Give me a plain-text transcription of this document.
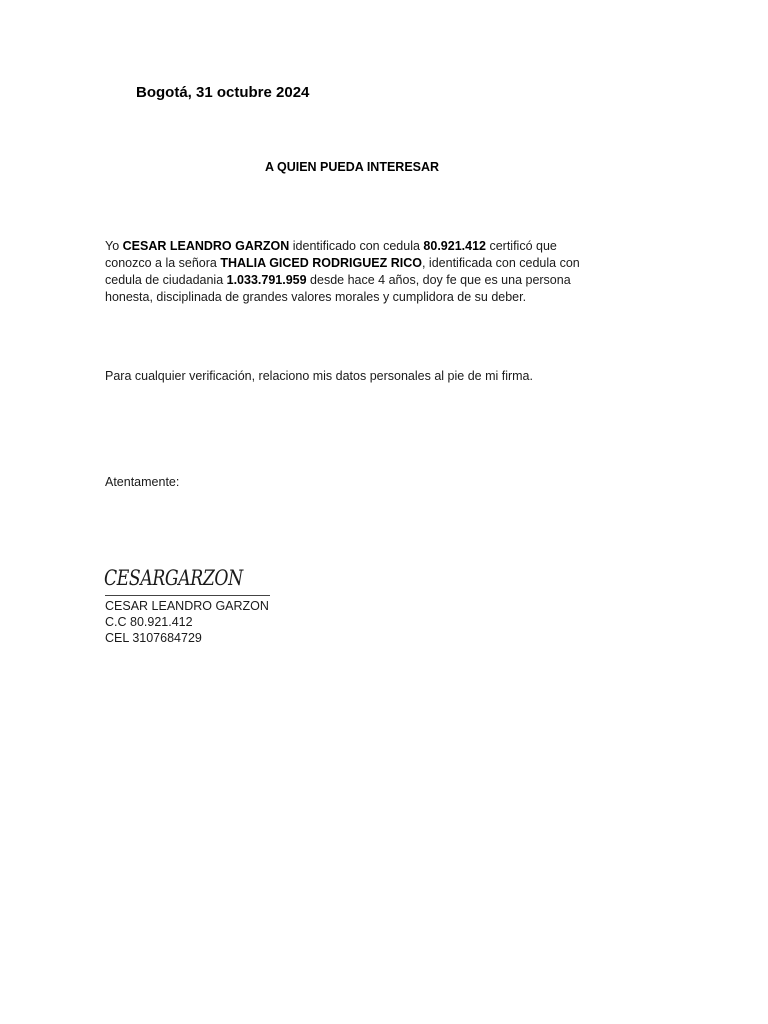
Bogotá, 31 octubre 2024
A QUIEN PUEDA INTERESAR
Yo CESAR LEANDRO GARZON identificado con cedula 80.921.412 certificó que conozco a la señora THALIA GICED RODRIGUEZ RICO, identificada con cedula con cedula de ciudadania 1.033.791.959 desde hace 4 años, doy fe que es una persona honesta, disciplinada de grandes valores morales y cumplidora de su deber.
Para cualquier verificación, relaciono mis datos personales al pie de mi firma.
Atentamente:
CESARGARZON
CESAR LEANDRO GARZON
C.C 80.921.412
CEL 3107684729
